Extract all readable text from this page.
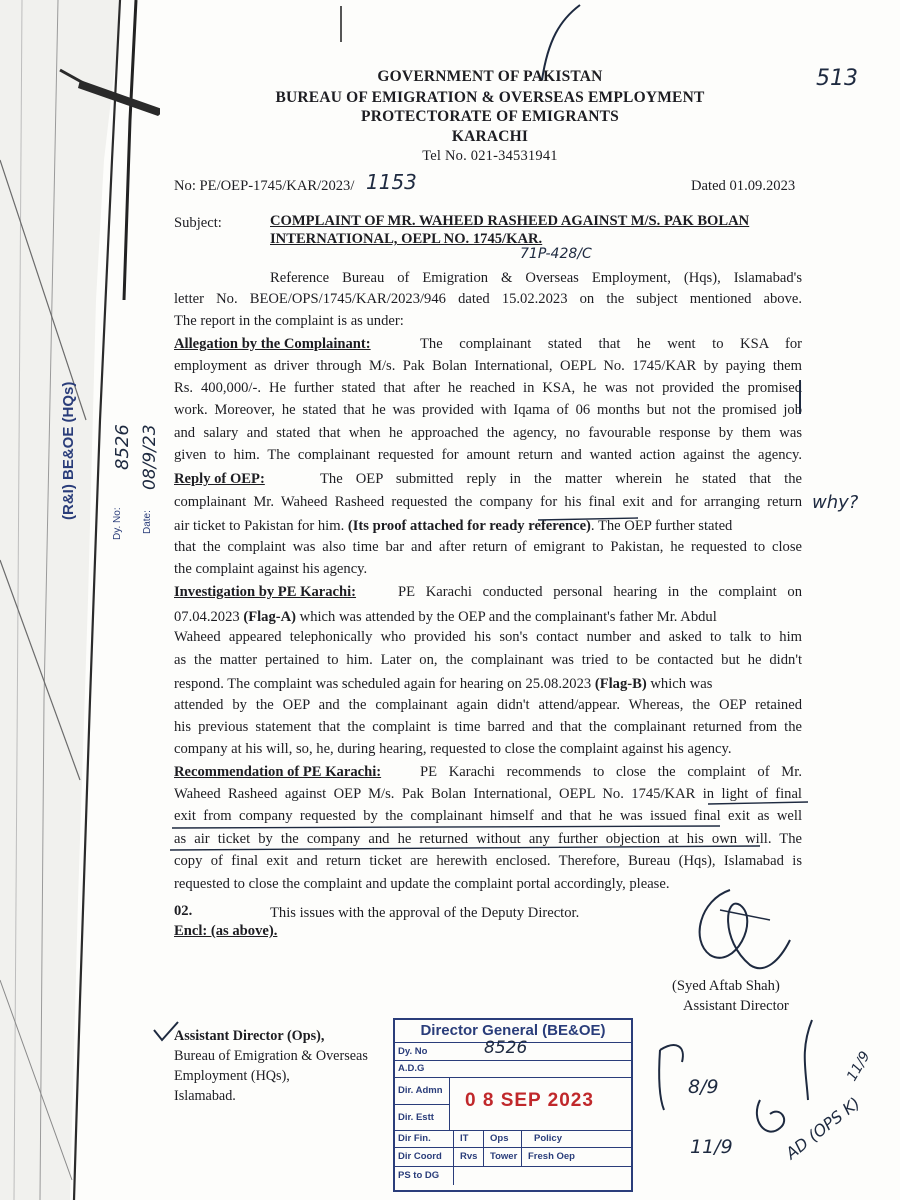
(R&I) BE&OE (HQs)
Dy. No:
8526
Date:
08/9/23
513
GOVERNMENT OF PAKISTAN
BUREAU OF EMIGRATION & OVERSEAS EMPLOYMENT
PROTECTORATE OF EMIGRANTS
KARACHI
Tel No. 021-34531941
No: PE/OEP-1745/KAR/2023/ 1153	Dated 01.09.2023
Subject:	COMPLAINT OF MR. WAHEED RASHEED AGAINST M/S. PAK BOLAN
INTERNATIONAL, OEPL NO. 1745/KAR.
71P-428/C
Reference Bureau of Emigration & Overseas Employment, (Hqs), Islamabad's
letter No. BEOE/OPS/1745/KAR/2023/946 dated 15.02.2023 on the subject mentioned above.
The report in the complaint is as under:
Allegation by the Complainant:	The complainant stated that he went to KSA for
employment as driver through M/s. Pak Bolan International, OEPL No. 1745/KAR by paying them
Rs. 400,000/-. He further stated that after he reached in KSA, he was not provided the promised
work. Moreover, he stated that he was provided with Iqama of 06 months but not the promised job
and salary and stated that when he approached the agency, no favourable response by them was
given to him. The complainant requested for amount return and wanted action against the agency.
Reply of OEP:	The OEP submitted reply in the matter wherein he stated that the
complainant Mr. Waheed Rasheed requested the company for his final exit and for arranging return
air ticket to Pakistan for him. (Its proof attached for ready reference). The OEP further stated
that the complaint was also time bar and after return of emigrant to Pakistan, he requested to close
the complaint against his agency.
why?
Investigation by PE Karachi:	PE Karachi conducted personal hearing in the complaint on
07.04.2023 (Flag-A) which was attended by the OEP and the complainant's father Mr. Abdul
Waheed appeared telephonically who provided his son's contact number and asked to talk to him
as the matter pertained to him. Later on, the complainant was tried to be contacted but he didn't
respond. The complaint was scheduled again for hearing on 25.08.2023 (Flag-B) which was
attended by the OEP and the complainant again didn't attend/appear. Whereas, the OEP retained
his previous statement that the complaint is time barred and that the complainant returned from the
company at his will, so, he, during hearing, requested to close the complaint against his agency.
Recommendation of PE Karachi:	PE Karachi recommends to close the complaint of Mr.
Waheed Rasheed against OEP M/s. Pak Bolan International, OEPL No. 1745/KAR in light of final
exit from company requested by the complainant himself and that he was issued final exit as well
as air ticket by the company and he returned without any further objection at his own will. The
copy of final exit and return ticket are herewith enclosed. Therefore, Bureau (Hqs), Islamabad is
requested to close the complaint and update the complaint portal accordingly, please.
02.	This issues with the approval of the Deputy Director.
Encl: (as above).
(Syed Aftab Shah)
Assistant Director
Assistant Director (Ops),
Bureau of Emigration & Overseas
Employment (HQs),
Islamabad.
Director General (BE&OE)
Dy. No	8526
A.D.G
Dir. Admn
Dir. Estt
0 8 SEP 2023
Dir Fin.	IT	Ops	Policy
Dir Coord	Rvs	Tower	Fresh Oep
PS to DG
8/9
11/9	AD (OPS K)
11/9
